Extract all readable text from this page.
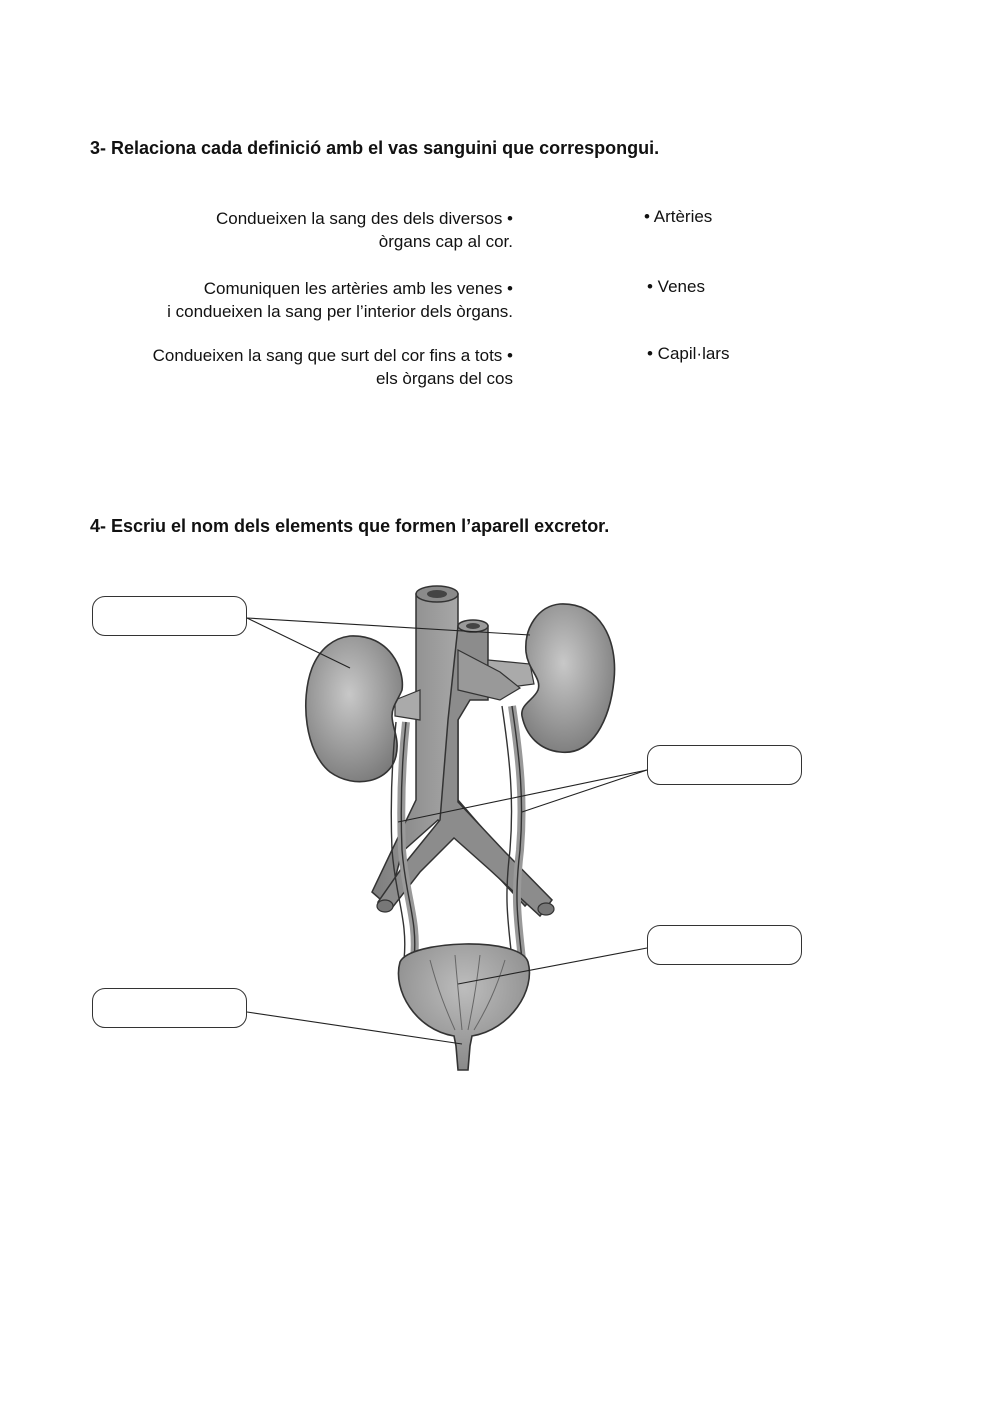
3- Relaciona cada definició amb el vas sanguini que correspongui.
Condueixen la sang des dels diversos •
òrgans cap al cor.
Comuniquen les artèries amb les venes •
i condueixen la sang per l’interior dels òrgans.
Condueixen la sang que surt del cor fins a tots •
els òrgans del cos
• Artèries
• Venes
• Capil·lars
4- Escriu el nom dels elements que formen l’aparell excretor.
